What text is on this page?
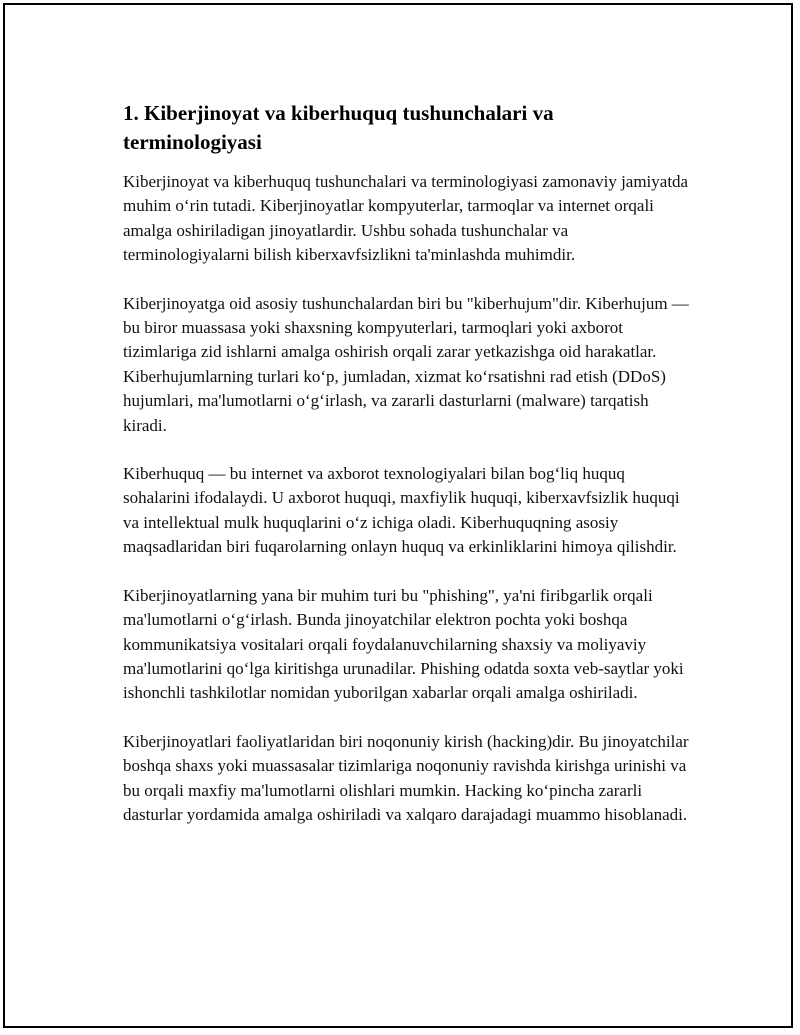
1. Kiberjinoyat va kiberhuquq tushunchalari va terminologiyasi

Kiberjinoyat va kiberhuquq tushunchalari va terminologiyasi zamonaviy jamiyatda muhim oʻrin tutadi. Kiberjinoyatlar kompyuterlar, tarmoqlar va internet orqali amalga oshiriladigan jinoyatlardir. Ushbu sohada tushunchalar va terminologiyalarni bilish kiberxavfsizlikni ta'minlashda muhimdir.

Kiberjinoyatga oid asosiy tushunchalardan biri bu "kiberhujum"dir. Kiberhujum — bu biror muassasa yoki shaxsning kompyuterlari, tarmoqlari yoki axborot tizimlariga zid ishlarni amalga oshirish orqali zarar yetkazishga oid harakatlar. Kiberhujumlarning turlari koʻp, jumladan, xizmat koʻrsatishni rad etish (DDoS) hujumlari, ma'lumotlarni oʻgʻirlash, va zararli dasturlarni (malware) tarqatish kiradi.

Kiberhuquq — bu internet va axborot texnologiyalari bilan bogʻliq huquq sohalarini ifodalaydi. U axborot huquqi, maxfiylik huquqi, kiberxavfsizlik huquqi va intellektual mulk huquqlarini oʻz ichiga oladi. Kiberhuquqning asosiy maqsadlaridan biri fuqarolarning onlayn huquq va erkinliklarini himoya qilishdir.

Kiberjinoyatlarning yana bir muhim turi bu "phishing", ya'ni firibgarlik orqali ma'lumotlarni oʻgʻirlash. Bunda jinoyatchilar elektron pochta yoki boshqa kommunikatsiya vositalari orqali foydalanuvchilarning shaxsiy va moliyaviy ma'lumotlarini qoʻlga kiritishga urunadilar. Phishing odatda soxta veb-saytlar yoki ishonchli tashkilotlar nomidan yuborilgan xabarlar orqali amalga oshiriladi.

Kiberjinoyatlari faoliyatlaridan biri noqonuniy kirish (hacking)dir. Bu jinoyatchilar boshqa shaxs yoki muassasalar tizimlariga noqonuniy ravishda kirishga urinishi va bu orqali maxfiy ma'lumotlarni olishlari mumkin. Hacking koʻpincha zararli dasturlar yordamida amalga oshiriladi va xalqaro darajadagi muammo hisoblanadi.
